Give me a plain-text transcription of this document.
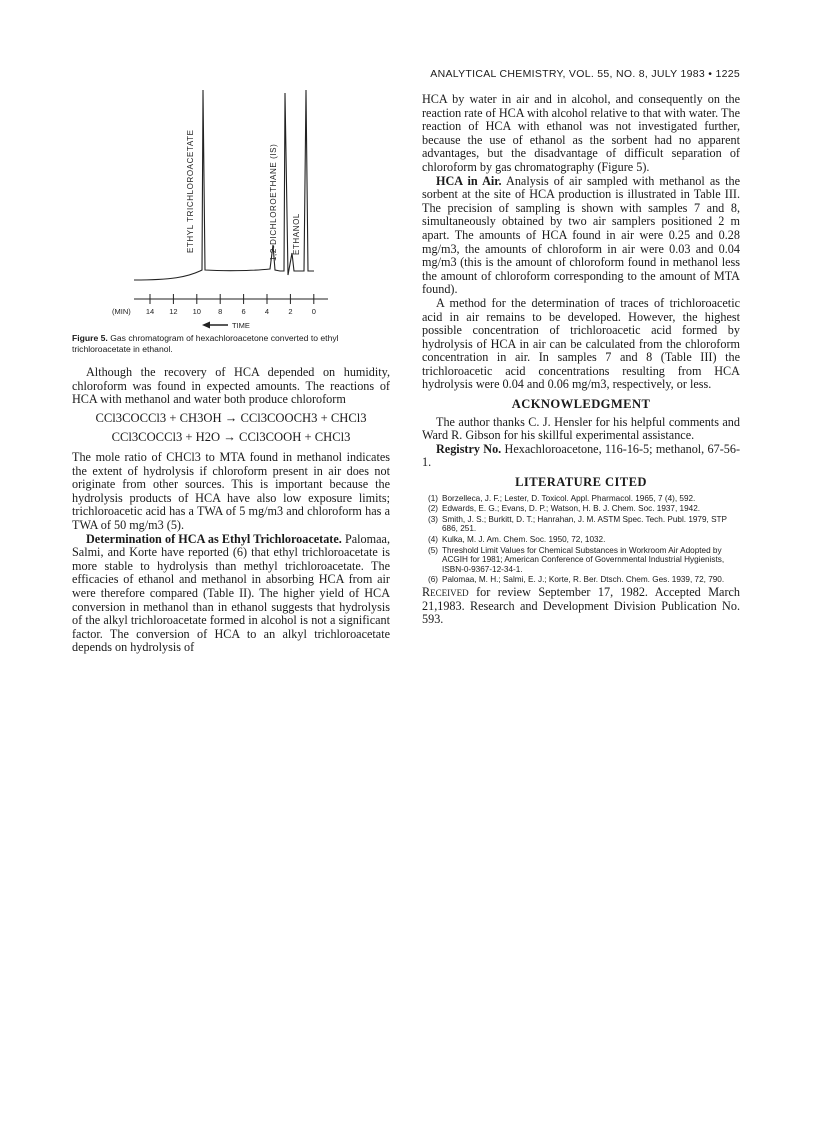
ANALYTICAL CHEMISTRY, VOL. 55, NO. 8, JULY 1983 • 1225
ETHYL TRICHLOROACETATE	1,2-DICHLOROETHANE (IS) ETHANOL
(MIN) 14 12 10 8	6	4	2	0
TIME
Figure 5. Gas chromatogram of hexachloroacetone converted to ethyl trichloroacetate in ethanol.

Although the recovery of HCA depended on humidity, chloroform was found in expected amounts. The reactions of HCA with methanol and water both produce chloroform

CCl3COCCl3 + CH3OH → CCl3COOCH3 + CHCl3
CCl3COCCl3 + H2O → CCl3COOH + CHCl3

The mole ratio of CHCl3 to MTA found in methanol indicates the extent of hydrolysis if chloroform present in air does not originate from other sources. This is important because the hydrolysis products of HCA have also low exposure limits; trichloroacetic acid has a TWA of 5 mg/m3 and chloroform has a TWA of 50 mg/m3 (5).

Determination of HCA as Ethyl Trichloroacetate. Palomaa, Salmi, and Korte have reported (6) that ethyl trichloroacetate is more stable to hydrolysis than methyl trichloroacetate. The efficacies of ethanol and methanol in absorbing HCA from air were therefore compared (Table II). The higher yield of HCA conversion in methanol than in ethanol suggests that hydrolysis of the alkyl trichloroacetate formed in alcohol is not a significant factor. The conversion of HCA to an alkyl trichloroacetate depends on hydrolysis of

HCA by water in air and in alcohol, and consequently on the reaction rate of HCA with alcohol relative to that with water. The reaction of HCA with ethanol was not investigated further, because the use of ethanol as the sorbent had no apparent advantages, but the disadvantage of difficult separation of chloroform by gas chromatography (Figure 5).

HCA in Air. Analysis of air sampled with methanol as the sorbent at the site of HCA production is illustrated in Table III. The precision of sampling is shown with samples 7 and 8, simultaneously obtained by two air samplers positioned 2 m apart. The amounts of HCA found in air were 0.25 and 0.28 mg/m3, the amounts of chloroform in air were 0.03 and 0.04 mg/m3 (this is the amount of chloroform found in methanol less the amount of chloroform corresponding to the amount of MTA found).

A method for the determination of traces of trichloroacetic acid in air remains to be developed. However, the highest possible concentration of trichloroacetic acid formed by hydrolysis of HCA in air can be calculated from the chloroform concentration in air. In samples 7 and 8 (Table III) the trichloroacetic acid concentrations resulting from HCA hydrolysis were 0.04 and 0.06 mg/m3, respectively, or less.

ACKNOWLEDGMENT

The author thanks C. J. Hensler for his helpful comments and Ward R. Gibson for his skillful experimental assistance.

Registry No. Hexachloroacetone, 116-16-5; methanol, 67-56-1.

LITERATURE CITED
(1) Borzelleca, J. F.; Lester, D. Toxicol. Appl. Pharmacol. 1965, 7 (4), 592.
(2) Edwards, E. G.; Evans, D. P.; Watson, H. B. J. Chem. Soc. 1937, 1942.
(3) Smith, J. S.; Burkitt, D. T.; Hanrahan, J. M. ASTM Spec. Tech. Publ. 1979, STP 686, 251.
(4) Kulka, M. J. Am. Chem. Soc. 1950, 72, 1032.
(5) Threshold Limit Values for Chemical Substances in Workroom Air Adopted by ACGIH for 1981; American Conference of Governmental Industrial Hygienists, ISBN-0-9367-12-34-1.
(6) Palomaa, M. H.; Salmi, E. J.; Korte, R. Ber. Dtsch. Chem. Ges. 1939, 72, 790.

Received for review September 17, 1982. Accepted March 21,1983. Research and Development Division Publication No. 593.
